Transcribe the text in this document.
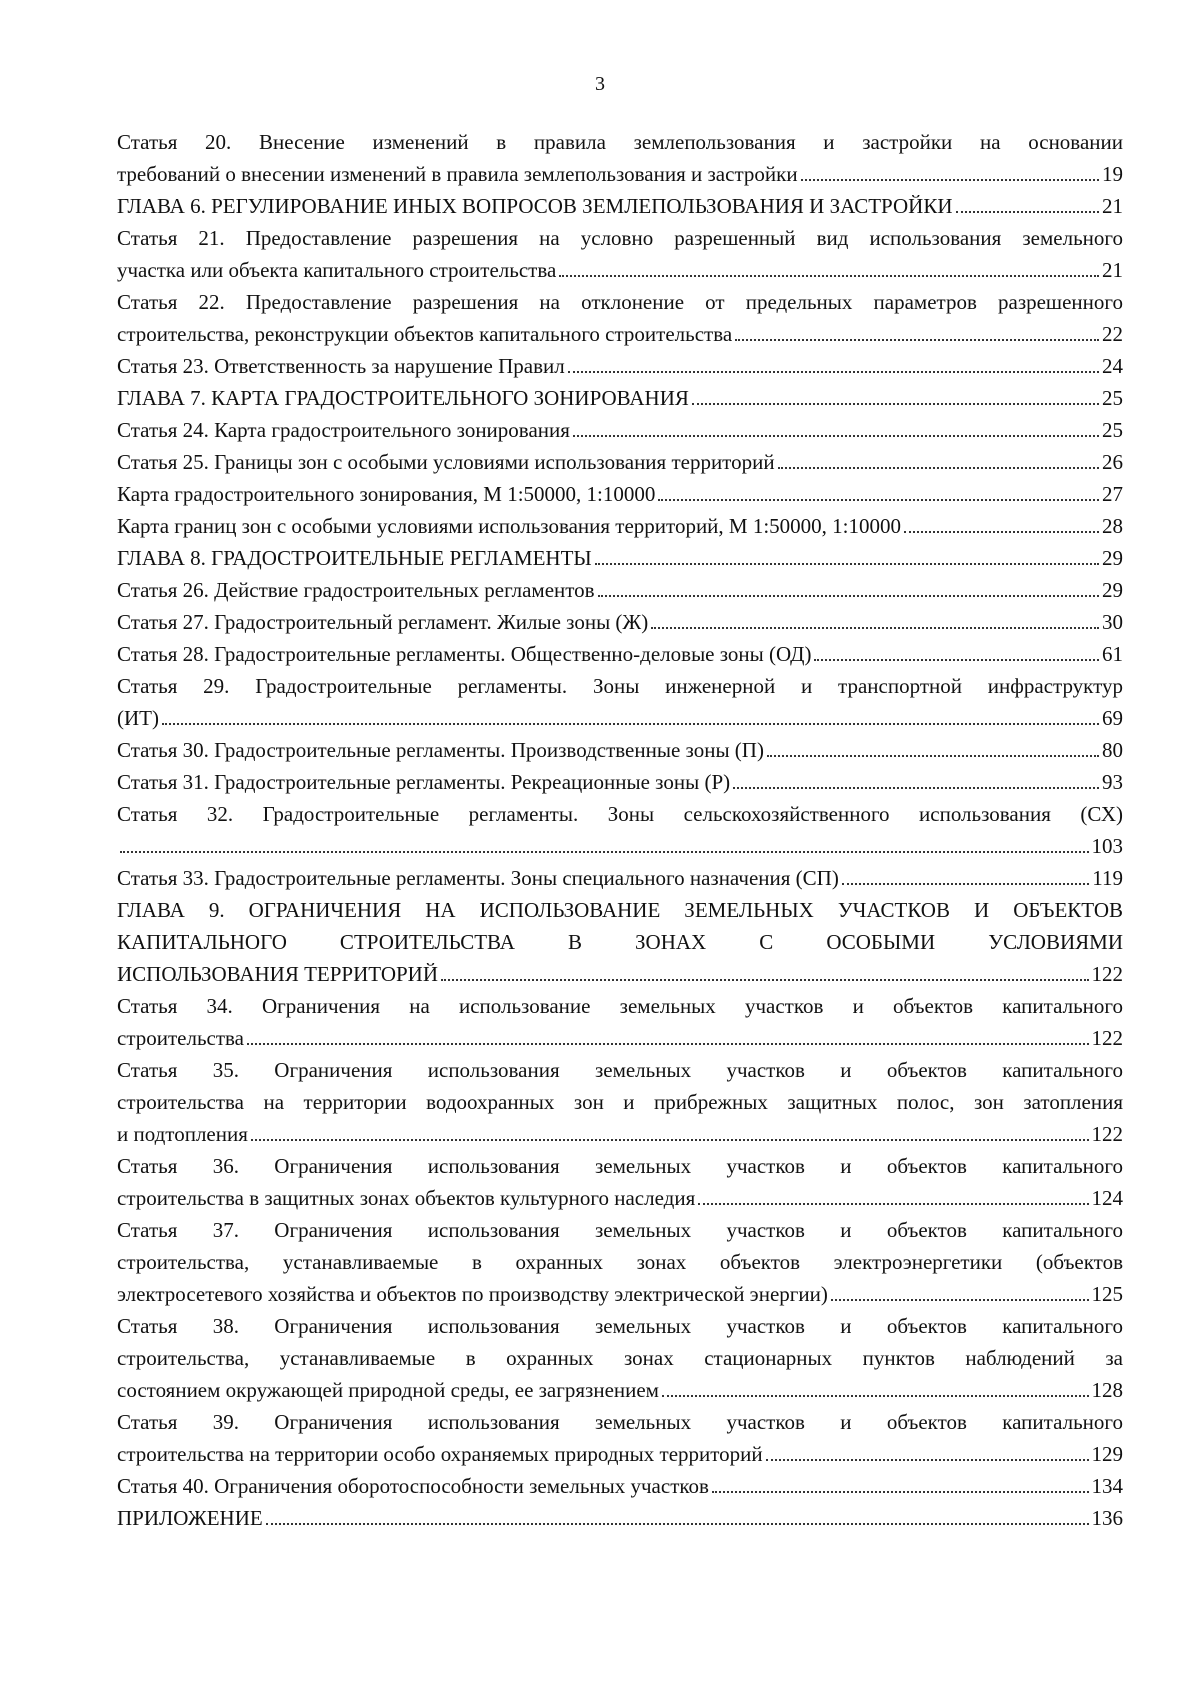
3
Статья 20. Внесение изменений в правила землепользования и застройки на основании
требований о внесении изменений в правила землепользования и застройки	19
ГЛАВА 6. РЕГУЛИРОВАНИЕ ИНЫХ ВОПРОСОВ ЗЕМЛЕПОЛЬЗОВАНИЯ И ЗАСТРОЙКИ	21
Статья 21. Предоставление разрешения на условно разрешенный вид использования земельного
участка или объекта капитального строительства	21
Статья 22. Предоставление разрешения на отклонение от предельных параметров разрешенного
строительства, реконструкции объектов капитального строительства	22
Статья 23. Ответственность за нарушение Правил	24
ГЛАВА 7. КАРТА ГРАДОСТРОИТЕЛЬНОГО ЗОНИРОВАНИЯ	25
Статья 24. Карта градостроительного зонирования	25
Статья 25. Границы зон с особыми условиями использования территорий	26
Карта градостроительного зонирования, М 1:50000, 1:10000	27
Карта границ зон с особыми условиями использования территорий, М 1:50000, 1:10000	28
ГЛАВА 8. ГРАДОСТРОИТЕЛЬНЫЕ РЕГЛАМЕНТЫ	29
Статья 26. Действие градостроительных регламентов	29
Статья 27. Градостроительный регламент. Жилые зоны (Ж)	30
Статья 28. Градостроительные регламенты. Общественно-деловые зоны (ОД)	61
Статья 29. Градостроительные регламенты. Зоны инженерной и транспортной инфраструктур
(ИТ)	69
Статья 30. Градостроительные регламенты. Производственные зоны (П)	80
Статья 31. Градостроительные регламенты. Рекреационные зоны (Р)	93
Статья 32. Градостроительные регламенты. Зоны сельскохозяйственного использования (СХ)
103
Статья 33. Градостроительные регламенты. Зоны специального назначения (СП)	119
ГЛАВА 9. ОГРАНИЧЕНИЯ НА ИСПОЛЬЗОВАНИЕ ЗЕМЕЛЬНЫХ УЧАСТКОВ И ОБЪЕКТОВ
КАПИТАЛЬНОГО СТРОИТЕЛЬСТВА В ЗОНАХ С ОСОБЫМИ УСЛОВИЯМИ
ИСПОЛЬЗОВАНИЯ ТЕРРИТОРИЙ	122
Статья 34. Ограничения на использование земельных участков и объектов капитального
строительства	122
Статья 35. Ограничения использования земельных участков и объектов капитального
строительства на территории водоохранных зон и прибрежных защитных полос, зон затопления
и подтопления	122
Статья 36. Ограничения использования земельных участков и объектов капитального
строительства в защитных зонах объектов культурного наследия	124
Статья 37. Ограничения использования земельных участков и объектов капитального
строительства, устанавливаемые в охранных зонах объектов электроэнергетики (объектов
электросетевого хозяйства и объектов по производству электрической энергии)	125
Статья 38. Ограничения использования земельных участков и объектов капитального
строительства, устанавливаемые в охранных зонах стационарных пунктов наблюдений за
состоянием окружающей природной среды, ее загрязнением	128
Статья 39. Ограничения использования земельных участков и объектов капитального
строительства на территории особо охраняемых природных территорий	129
Статья 40. Ограничения оборотоспособности земельных участков	134
ПРИЛОЖЕНИЕ	136
